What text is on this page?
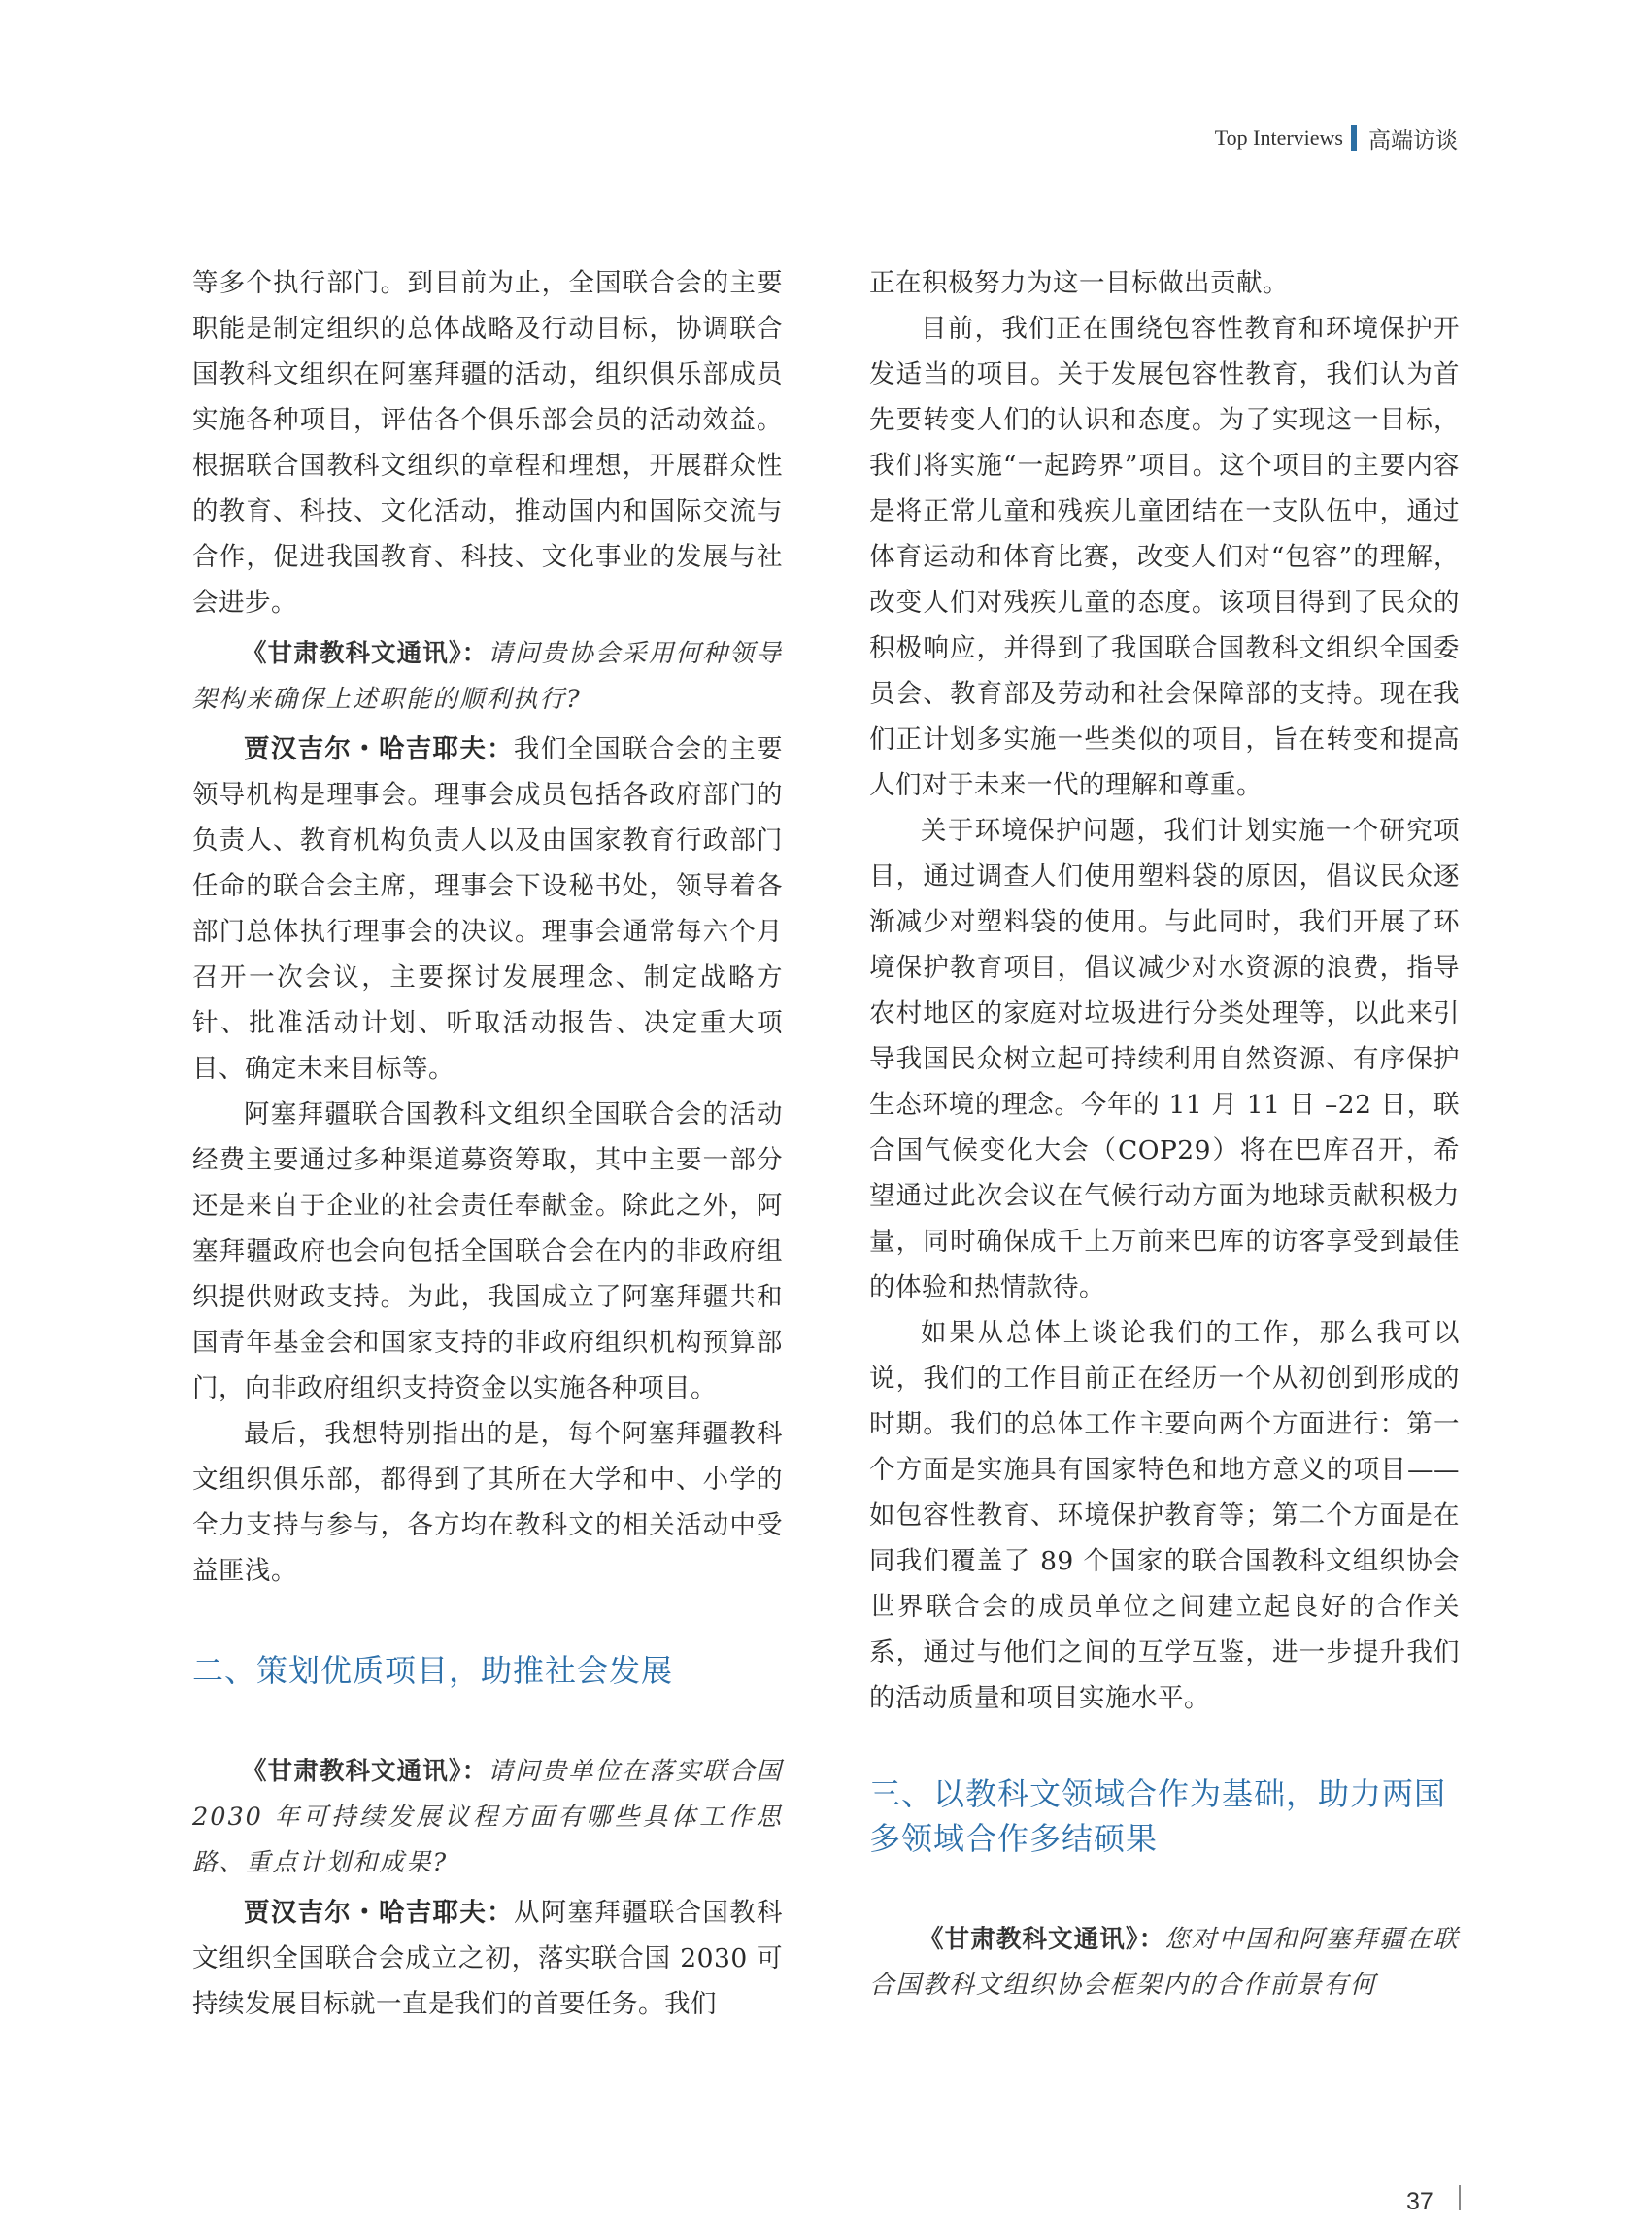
Top Interviews 高端访谈

等多个执行部门。到目前为止，全国联合会的主要职能是制定组织的总体战略及行动目标，协调联合国教科文组织在阿塞拜疆的活动，组织俱乐部成员实施各种项目，评估各个俱乐部会员的活动效益。根据联合国教科文组织的章程和理想，开展群众性的教育、科技、文化活动，推动国内和国际交流与合作，促进我国教育、科技、文化事业的发展与社会进步。

《甘肃教科文通讯》：请问贵协会采用何种领导架构来确保上述职能的顺利执行?

贾汉吉尔・哈吉耶夫：我们全国联合会的主要领导机构是理事会。理事会成员包括各政府部门的负责人、教育机构负责人以及由国家教育行政部门任命的联合会主席，理事会下设秘书处，领导着各部门总体执行理事会的决议。理事会通常每六个月召开一次会议，主要探讨发展理念、制定战略方针、批准活动计划、听取活动报告、决定重大项目、确定未来目标等。

阿塞拜疆联合国教科文组织全国联合会的活动经费主要通过多种渠道募资筹取，其中主要一部分还是来自于企业的社会责任奉献金。除此之外，阿塞拜疆政府也会向包括全国联合会在内的非政府组织提供财政支持。为此，我国成立了阿塞拜疆共和国青年基金会和国家支持的非政府组织机构预算部门，向非政府组织支持资金以实施各种项目。

最后，我想特别指出的是，每个阿塞拜疆教科文组织俱乐部，都得到了其所在大学和中、小学的全力支持与参与，各方均在教科文的相关活动中受益匪浅。

二、策划优质项目，助推社会发展

《甘肃教科文通讯》：请问贵单位在落实联合国 2030 年可持续发展议程方面有哪些具体工作思路、重点计划和成果?

贾汉吉尔・哈吉耶夫：从阿塞拜疆联合国教科文组织全国联合会成立之初，落实联合国 2030 可持续发展目标就一直是我们的首要任务。我们

正在积极努力为这一目标做出贡献。

目前，我们正在围绕包容性教育和环境保护开发适当的项目。关于发展包容性教育，我们认为首先要转变人们的认识和态度。为了实现这一目标，我们将实施“一起跨界”项目。这个项目的主要内容是将正常儿童和残疾儿童团结在一支队伍中，通过体育运动和体育比赛，改变人们对“包容”的理解，改变人们对残疾儿童的态度。该项目得到了民众的积极响应，并得到了我国联合国教科文组织全国委员会、教育部及劳动和社会保障部的支持。现在我们正计划多实施一些类似的项目，旨在转变和提高人们对于未来一代的理解和尊重。

关于环境保护问题，我们计划实施一个研究项目，通过调查人们使用塑料袋的原因，倡议民众逐渐减少对塑料袋的使用。与此同时，我们开展了环境保护教育项目，倡议减少对水资源的浪费，指导农村地区的家庭对垃圾进行分类处理等，以此来引导我国民众树立起可持续利用自然资源、有序保护生态环境的理念。今年的 11 月 11 日 –22 日，联合国气候变化大会（COP29）将在巴库召开，希望通过此次会议在气候行动方面为地球贡献积极力量，同时确保成千上万前来巴库的访客享受到最佳的体验和热情款待。

如果从总体上谈论我们的工作，那么我可以说，我们的工作目前正在经历一个从初创到形成的时期。我们的总体工作主要向两个方面进行：第一个方面是实施具有国家特色和地方意义的项目——如包容性教育、环境保护教育等；第二个方面是在同我们覆盖了 89 个国家的联合国教科文组织协会世界联合会的成员单位之间建立起良好的合作关系，通过与他们之间的互学互鉴，进一步提升我们的活动质量和项目实施水平。

三、以教科文领域合作为基础，助力两国多领域合作多结硕果

《甘肃教科文通讯》：您对中国和阿塞拜疆在联合国教科文组织协会框架内的合作前景有何

37
